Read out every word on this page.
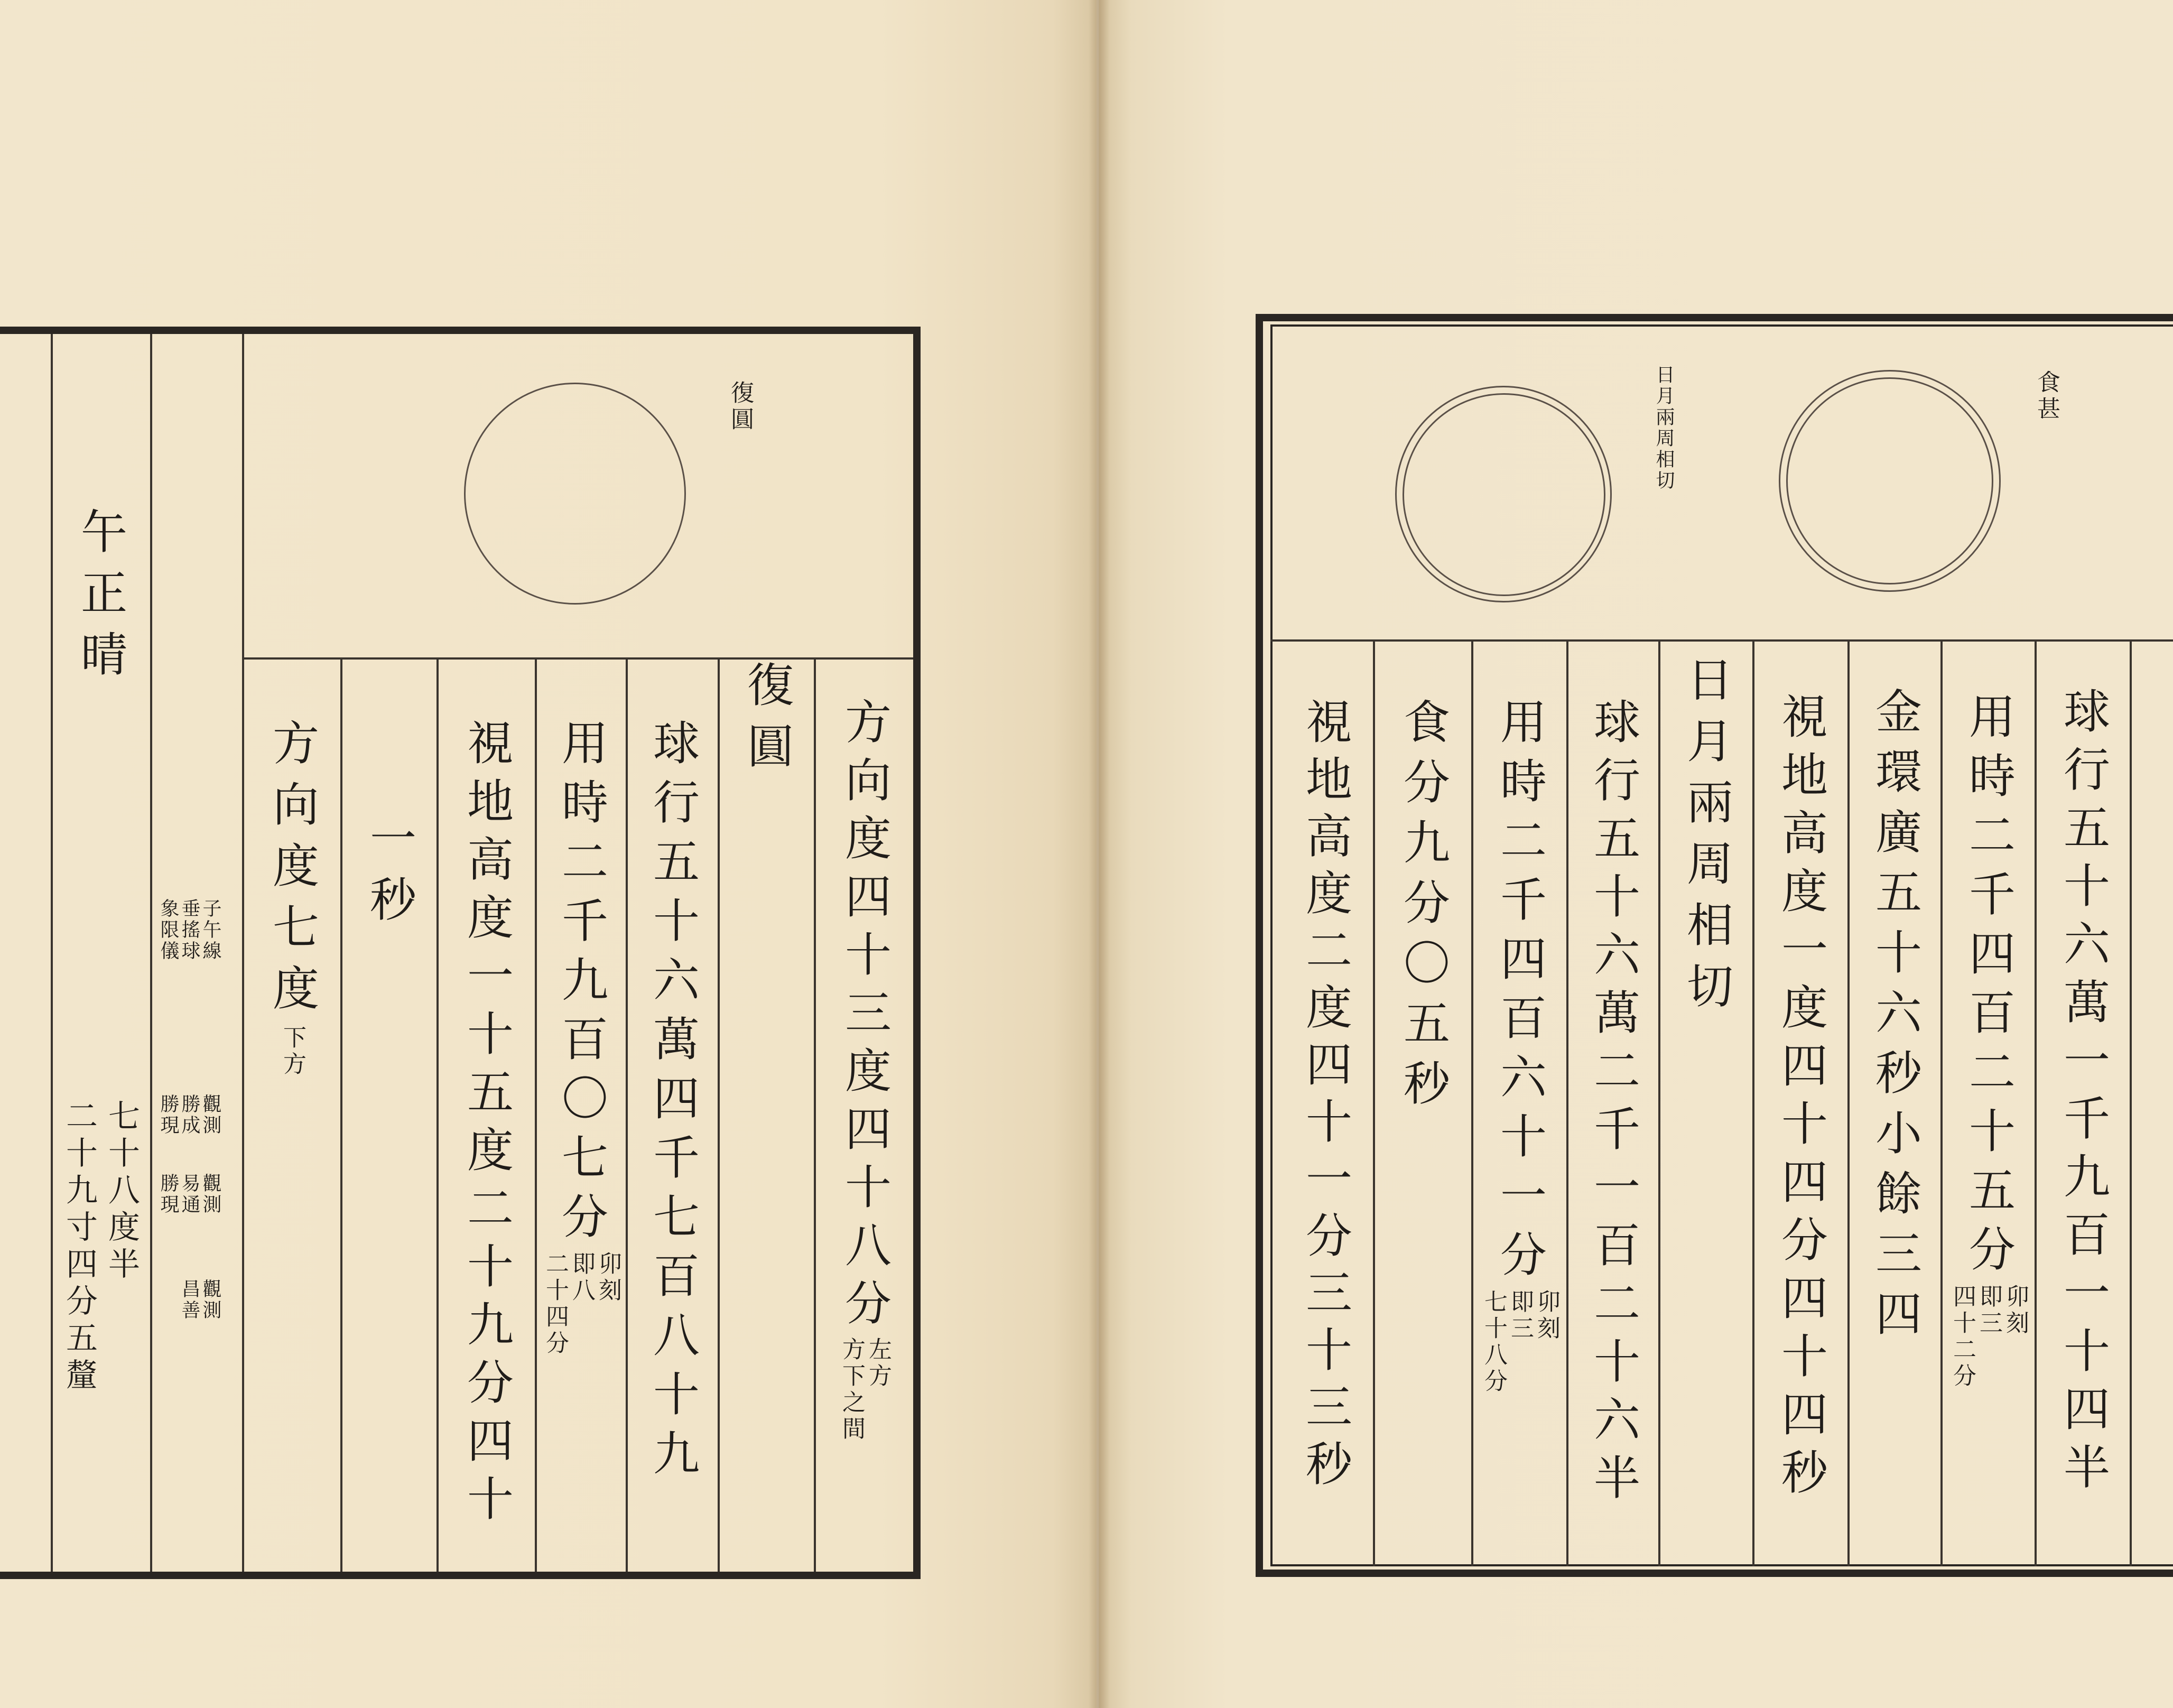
復圓
午正晴
七十八度半
二十九寸四分五釐
子午線
垂搖球
象限儀
觀測
勝成
勝現
觀測
易通
勝現
觀測
昌善	方向度四十三度四十八分
左方
方下之間
復圓
球行五十六萬四千七百八十九
用時二千九百〇七分
卯刻
即八
二十四分
視地高度一十五度二十九分四十
一秒
方向度七度
下方
日月兩周相切	食甚
球行五十六萬一千九百一十四半
用時二千四百二十五分
卯刻
即三
四十二分
金環廣五十六秒小餘三四
視地高度一度四十四分四十四秒
日月兩周相切
球行五十六萬二千一百二十六半
用時二千四百六十一分
卯刻
即三
七十八分
食分九分〇五秒
視地高度二度四十一分三十三秒
